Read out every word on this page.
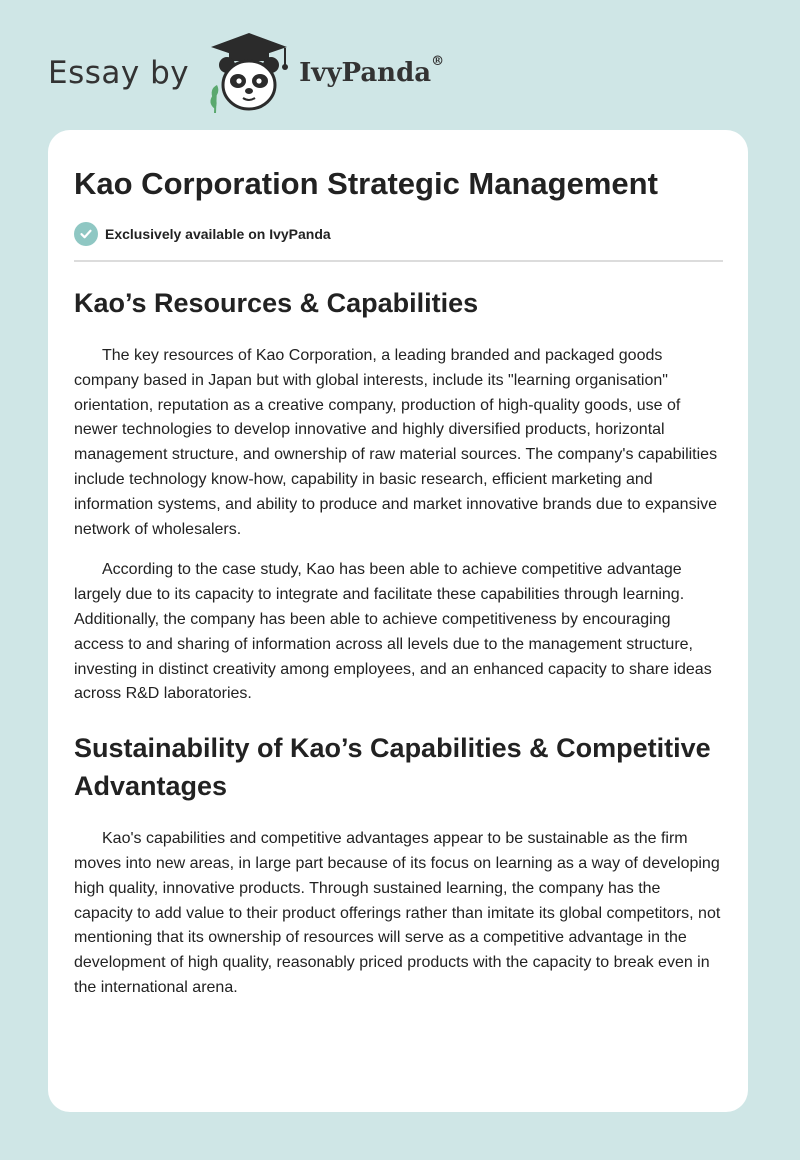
Essay by	IvyPanda®
Kao Corporation Strategic Management
Exclusively available on IvyPanda
Kao’s Resources & Capabilities

The key resources of Kao Corporation, a leading branded and packaged goods company based in Japan but with global interests, include its "learning organisation" orientation, reputation as a creative company, production of high-quality goods, use of newer technologies to develop innovative and highly diversified products, horizontal management structure, and ownership of raw material sources. The company's capabilities include technology know-how, capability in basic research, efficient marketing and information systems, and ability to produce and market innovative brands due to expansive network of wholesalers.

According to the case study, Kao has been able to achieve competitive advantage largely due to its capacity to integrate and facilitate these capabilities through learning. Additionally, the company has been able to achieve competitiveness by encouraging access to and sharing of information across all levels due to the management structure, investing in distinct creativity among employees, and an enhanced capacity to share ideas across R&D laboratories.

Sustainability of Kao’s Capabilities & Competitive Advantages

Kao's capabilities and competitive advantages appear to be sustainable as the firm moves into new areas, in large part because of its focus on learning as a way of developing high quality, innovative products. Through sustained learning, the company has the capacity to add value to their product offerings rather than imitate its global competitors, not mentioning that its ownership of resources will serve as a competitive advantage in the development of high quality, reasonably priced products with the capacity to break even in the international arena.
